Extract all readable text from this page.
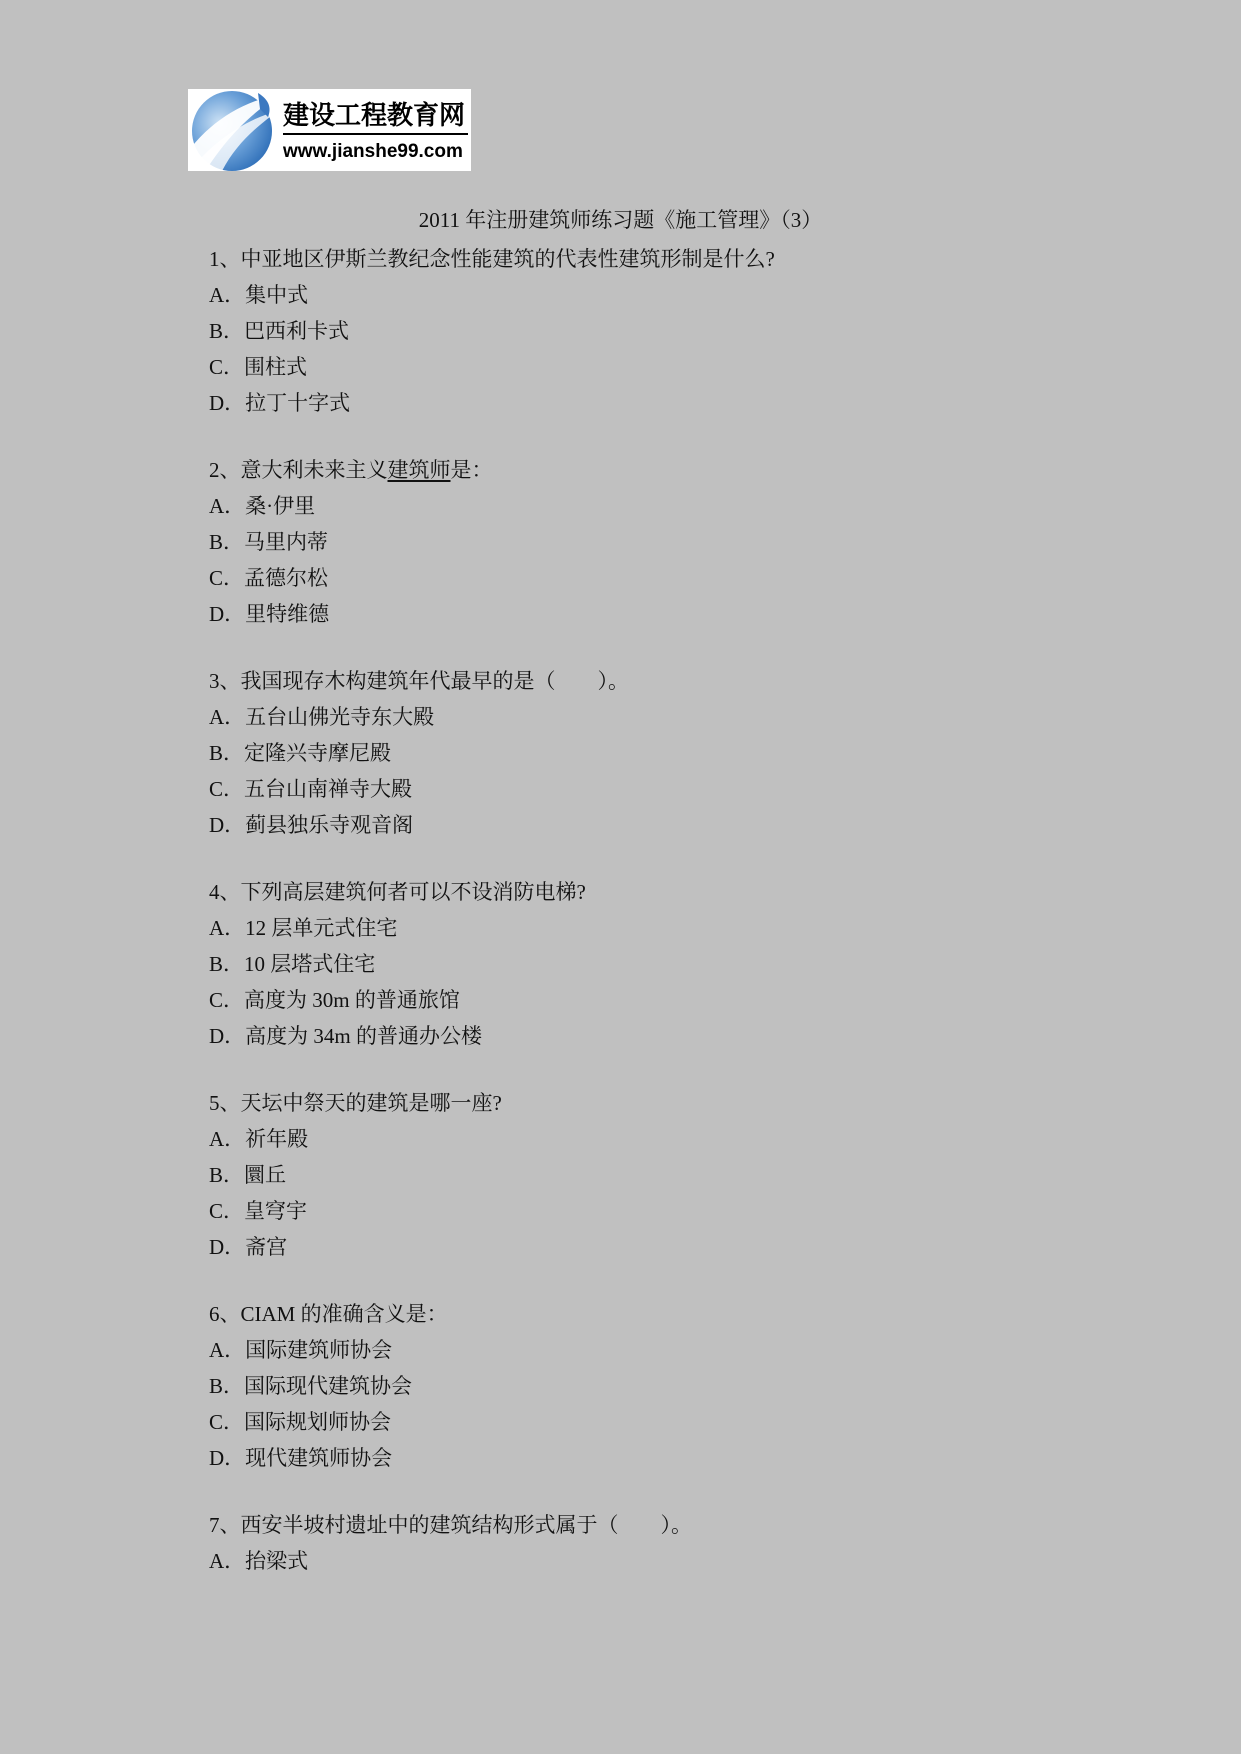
建设工程教育网
www.jianshe99.com
2011 年注册建筑师练习题《施工管理》（3）
1、中亚地区伊斯兰教纪念性能建筑的代表性建筑形制是什么?
A．集中式
B．巴西利卡式
C．围柱式
D．拉丁十字式
2、意大利未来主义建筑师是：
A．桑·伊里
B．马里内蒂
C．孟德尔松
D．里特维德
3、我国现存木构建筑年代最早的是（　　）。
A．五台山佛光寺东大殿
B．定隆兴寺摩尼殿
C．五台山南禅寺大殿
D．蓟县独乐寺观音阁
4、下列高层建筑何者可以不设消防电梯?
A．12 层单元式住宅
B．10 层塔式住宅
C．高度为 30m 的普通旅馆
D．高度为 34m 的普通办公楼
5、天坛中祭天的建筑是哪一座?
A．祈年殿
B．圜丘
C．皇穹宇
D．斋宫
6、CIAM 的准确含义是：
A．国际建筑师协会
B．国际现代建筑协会
C．国际规划师协会
D．现代建筑师协会
7、西安半坡村遗址中的建筑结构形式属于（　　）。
A．抬梁式
